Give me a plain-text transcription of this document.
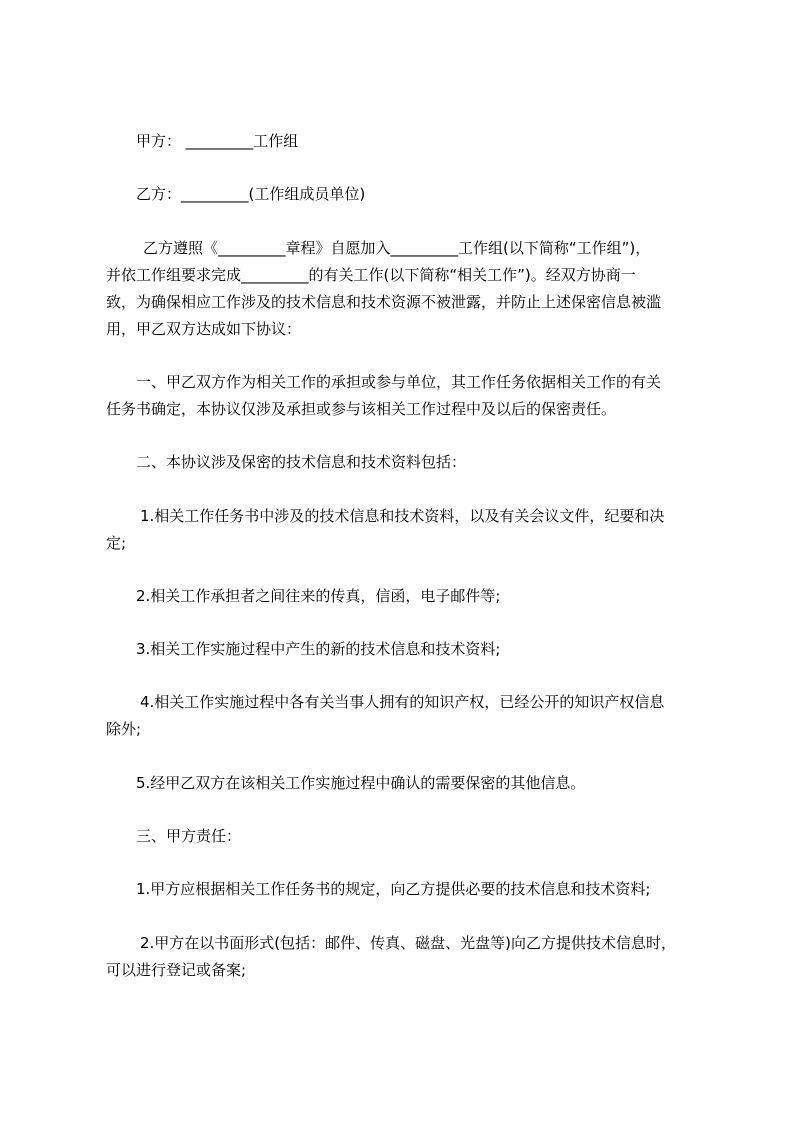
甲方： _________工作组
乙方：_________(工作组成员单位)
乙方遵照《_________章程》自愿加入_________工作组(以下简称“工作组”)，
并依工作组要求完成_________的有关工作(以下简称“相关工作”)。经双方协商一
致，为确保相应工作涉及的技术信息和技术资源不被泄露，并防止上述保密信息被滥
用，甲乙双方达成如下协议：
一、甲乙双方作为相关工作的承担或参与单位，其工作任务依据相关工作的有关
任务书确定，本协议仅涉及承担或参与该相关工作过程中及以后的保密责任。
二、本协议涉及保密的技术信息和技术资料包括：
1.相关工作任务书中涉及的技术信息和技术资料，以及有关会议文件，纪要和决
定;
2.相关工作承担者之间往来的传真，信函，电子邮件等;
3.相关工作实施过程中产生的新的技术信息和技术资料;
4.相关工作实施过程中各有关当事人拥有的知识产权，已经公开的知识产权信息
除外;
5.经甲乙双方在该相关工作实施过程中确认的需要保密的其他信息。
三、甲方责任：
1.甲方应根据相关工作任务书的规定，向乙方提供必要的技术信息和技术资料;
2.甲方在以书面形式(包括：邮件、传真、磁盘、光盘等)向乙方提供技术信息时，
可以进行登记或备案;
